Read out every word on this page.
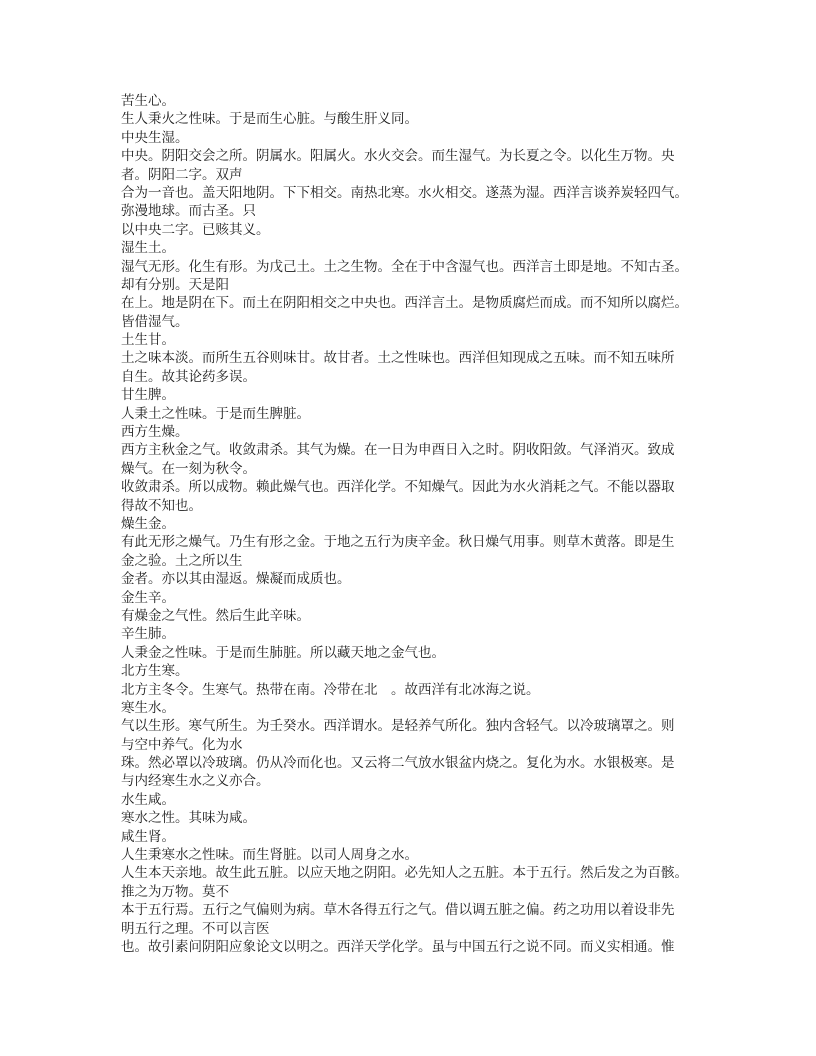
苦生心。
生人秉火之性味。于是而生心脏。与酸生肝义同。
中央生湿。
中央。阴阳交会之所。阴属水。阳属火。水火交会。而生湿气。为长夏之令。以化生万物。央
者。阴阳二字。双声
合为一音也。盖天阳地阴。下下相交。南热北寒。水火相交。遂蒸为湿。西洋言谈养炭轻四气。
弥漫地球。而古圣。只
以中央二字。已赅其义。
湿生土。
湿气无形。化生有形。为戊己土。土之生物。全在于中含湿气也。西洋言土即是地。不知古圣。
却有分别。天是阳
在上。地是阴在下。而土在阴阳相交之中央也。西洋言土。是物质腐烂而成。而不知所以腐烂。
皆借湿气。
土生甘。
土之味本淡。而所生五谷则味甘。故甘者。土之性味也。西洋但知现成之五味。而不知五味所
自生。故其论药多误。
甘生脾。
人秉土之性味。于是而生脾脏。
西方生燥。
西方主秋金之气。收敛肃杀。其气为燥。在一日为申酉日入之时。阴收阳敛。气泽消灭。致成
燥气。在一刻为秋令。
收敛肃杀。所以成物。赖此燥气也。西洋化学。不知燥气。因此为水火消耗之气。不能以器取
得故不知也。
燥生金。
有此无形之燥气。乃生有形之金。于地之五行为庚辛金。秋日燥气用事。则草木黄落。即是生
金之验。土之所以生
金者。亦以其由湿返。燥凝而成质也。
金生辛。
有燥金之气性。然后生此辛味。
辛生肺。
人秉金之性味。于是而生肺脏。所以藏天地之金气也。
北方生寒。
北方主冬令。生寒气。热带在南。冷带在北　。故西洋有北冰海之说。
寒生水。
气以生形。寒气所生。为壬癸水。西洋谓水。是轻养气所化。独内含轻气。以冷玻璃罩之。则
与空中养气。化为水
珠。然必罩以冷玻璃。仍从冷而化也。又云将二气放水银盆内烧之。复化为水。水银极寒。是
与内经寒生水之义亦合。
水生咸。
寒水之性。其味为咸。
咸生肾。
人生秉寒水之性味。而生肾脏。以司人周身之水。
人生本天亲地。故生此五脏。以应天地之阴阳。必先知人之五脏。本于五行。然后发之为百骸。
推之为万物。莫不
本于五行焉。五行之气偏则为病。草木各得五行之气。借以调五脏之偏。药之功用以着设非先
明五行之理。不可以言医
也。故引素问阴阳应象论文以明之。西洋天学化学。虽与中国五行之说不同。而义实相通。惟
